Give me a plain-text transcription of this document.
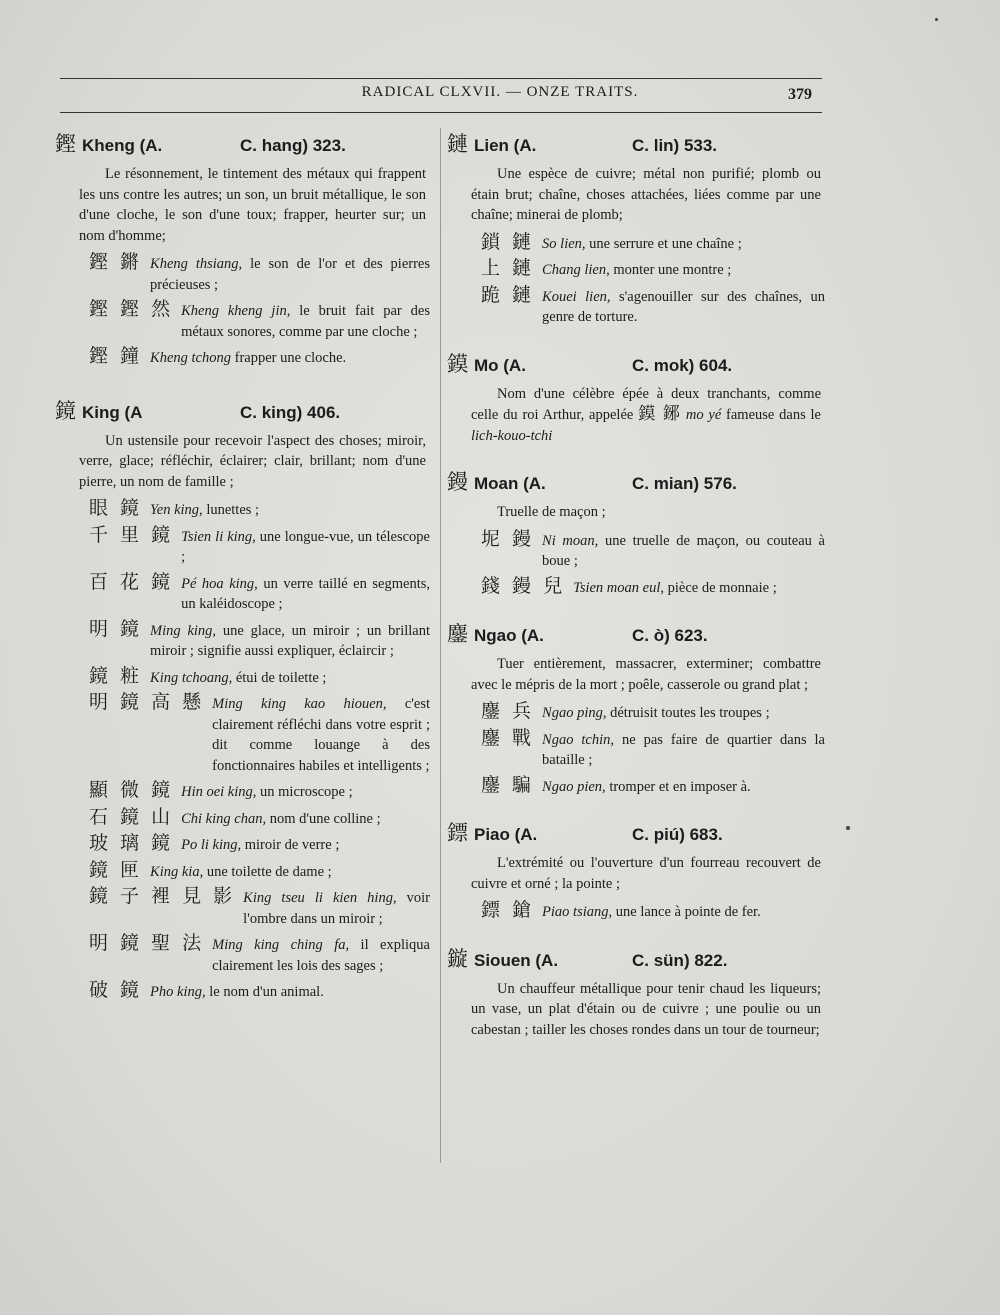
RADICAL CLXVII. — ONZE TRAITS.	379
鏗 Kheng (A.	C. hang) 323.
Le résonnement, le tintement des métaux qui frappent les uns contre les autres; un son, un bruit métallique, le son d'une cloche, le son d'une toux; frapper, heurter sur; un nom d'homme;
鏗 鏘 Kheng thsiang, le son de l'or et des pierres précieuses ;
鏗 鏗 然 Kheng kheng jin, le bruit fait par des métaux sonores, comme par une cloche ;
鏗 鐘 Kheng tchong frapper une cloche.
鏡 King (A	C. king) 406.
Un ustensile pour recevoir l'aspect des choses; miroir, verre, glace; réfléchir, éclairer; clair, brillant; nom d'une pierre, un nom de famille ;
眼 鏡 Yen king, lunettes ;
千 里 鏡 Tsien li king, une longue-vue, un télescope ;
百 花 鏡 Pé hoa king, un verre taillé en segments, un kaléidoscope ;
明 鏡 Ming king, une glace, un miroir ; un brillant miroir ; signifie aussi expliquer, éclaircir ;
鏡 粧 King tchoang, étui de toilette ;
明 鏡 高 懸 Ming king kao hiouen, c'est clairement réfléchi dans votre esprit ; dit comme louange à des fonctionnaires habiles et intelligents ;
顯 微 鏡 Hin oei king, un microscope ;
石 鏡 山 Chi king chan, nom d'une colline ;
玻 璃 鏡 Po li king, miroir de verre ;
鏡 匣 King kia, une toilette de dame ;
鏡 子 裡 見 影 King tseu li kien hing, voir l'ombre dans un miroir ;
明 鏡 聖 法 Ming king ching fa, il expliqua clairement les lois des sages ;
破 鏡 Pho king, le nom d'un animal.
鏈 Lien (A.	C. lin) 533.
Une espèce de cuivre; métal non purifié; plomb ou étain brut; chaîne, choses attachées, liées comme par une chaîne; minerai de plomb;
鎖 鏈 So lien, une serrure et une chaîne ;
上 鏈 Chang lien, monter une montre ;
跪 鏈 Kouei lien, s'agenouiller sur des chaînes, un genre de torture.
鏌 Mo (A.	C. mok) 604.
Nom d'une célèbre épée à deux tranchants, comme celle du roi Arthur, appelée 鏌 鋣 mo yé fameuse dans le lich-kouo-tchi
鏝 Moan (A.	C. mian) 576.
Truelle de maçon ;
坭 鏝 Ni moan, une truelle de maçon, ou couteau à boue ;
錢 鏝 兒 Tsien moan eul, pièce de monnaie ;
鏖 Ngao (A.	C. ò) 623.
Tuer entièrement, massacrer, exterminer; combattre avec le mépris de la mort ; poêle, casserole ou grand plat ;
鏖 兵 Ngao ping, détruisit toutes les troupes ;
鏖 戰 Ngao tchin, ne pas faire de quartier dans la bataille ;
鏖 騙 Ngao pien, tromper et en imposer à.
鏢 Piao (A.	C. piú) 683.
L'extrémité ou l'ouverture d'un fourreau recouvert de cuivre et orné ; la pointe ;
鏢 鎗 Piao tsiang, une lance à pointe de fer.
鏇 Siouen (A.	C. sün) 822.
Un chauffeur métallique pour tenir chaud les liqueurs; un vase, un plat d'étain ou de cuivre ; une poulie ou un cabestan ; tailler les choses rondes dans un tour de tourneur;
